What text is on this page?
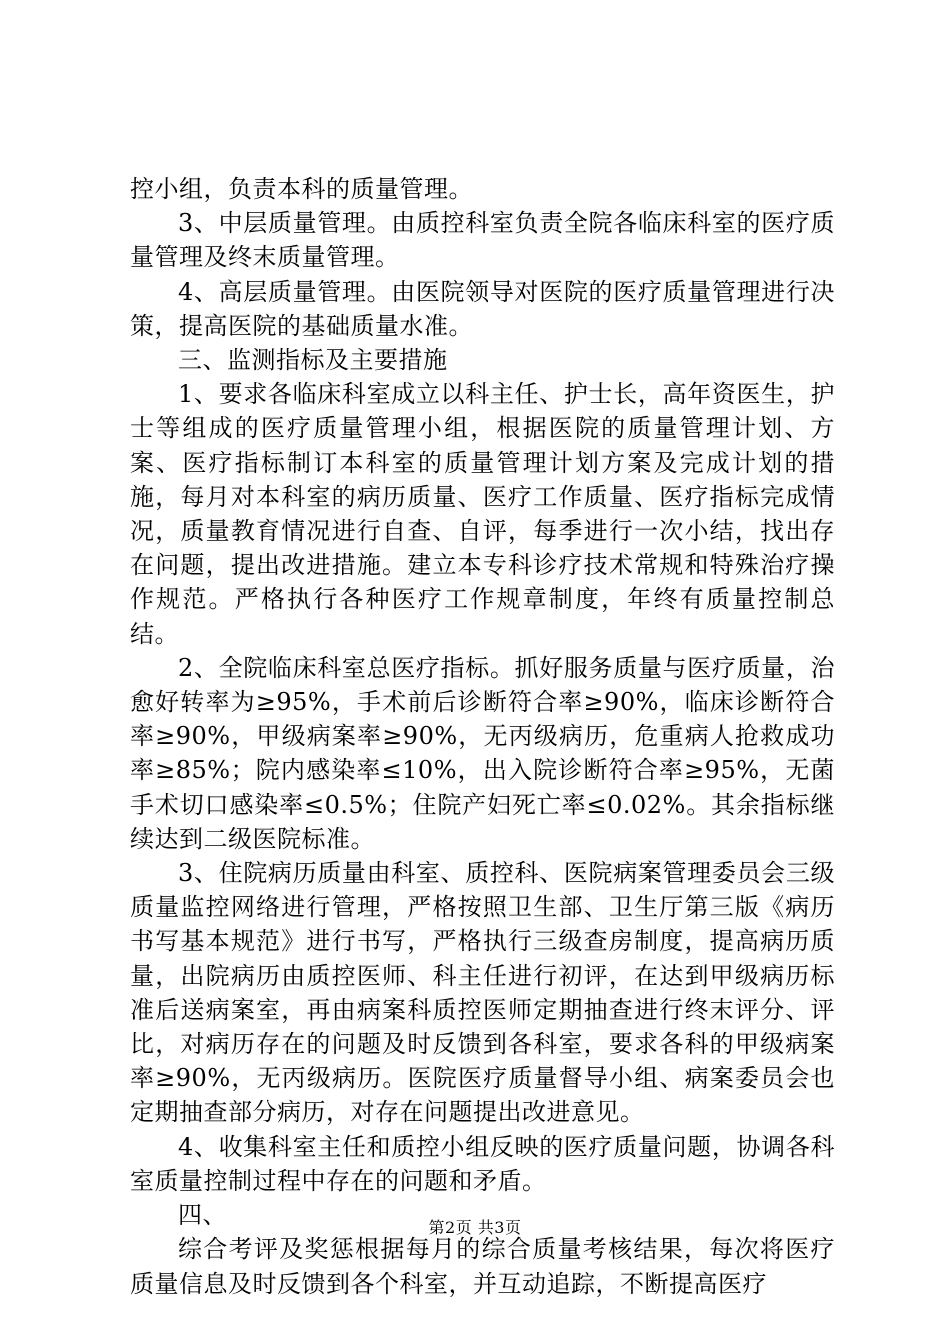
控小组，负责本科的质量管理。

3、中层质量管理。由质控科室负责全院各临床科室的医疗质量管理及终末质量管理。

4、高层质量管理。由医院领导对医院的医疗质量管理进行决策，提高医院的基础质量水准。

三、监测指标及主要措施

1、要求各临床科室成立以科主任、护士长，高年资医生，护士等组成的医疗质量管理小组，根据医院的质量管理计划、方案、医疗指标制订本科室的质量管理计划方案及完成计划的措施，每月对本科室的病历质量、医疗工作质量、医疗指标完成情况，质量教育情况进行自查、自评，每季进行一次小结，找出存在问题，提出改进措施。建立本专科诊疗技术常规和特殊治疗操作规范。严格执行各种医疗工作规章制度，年终有质量控制总结。

2、全院临床科室总医疗指标。抓好服务质量与医疗质量，治愈好转率为≥95%，手术前后诊断符合率≥90%，临床诊断符合率≥90%，甲级病案率≥90%，无丙级病历，危重病人抢救成功率≥85%；院内感染率≤10%，出入院诊断符合率≥95%，无菌手术切口感染率≤0.5%；住院产妇死亡率≤0.02%。其余指标继续达到二级医院标准。

3、住院病历质量由科室、质控科、医院病案管理委员会三级质量监控网络进行管理，严格按照卫生部、卫生厅第三版《病历书写基本规范》进行书写，严格执行三级查房制度，提高病历质量，出院病历由质控医师、科主任进行初评，在达到甲级病历标准后送病案室，再由病案科质控医师定期抽查进行终末评分、评比，对病历存在的问题及时反馈到各科室，要求各科的甲级病案率≥90%，无丙级病历。医院医疗质量督导小组、病案委员会也定期抽查部分病历，对存在问题提出改进意见。

4、收集科室主任和质控小组反映的医疗质量问题，协调各科室质量控制过程中存在的问题和矛盾。

四、

综合考评及奖惩根据每月的综合质量考核结果，每次将医疗质量信息及时反馈到各个科室，并互动追踪，不断提高医疗

第2页 共3页
